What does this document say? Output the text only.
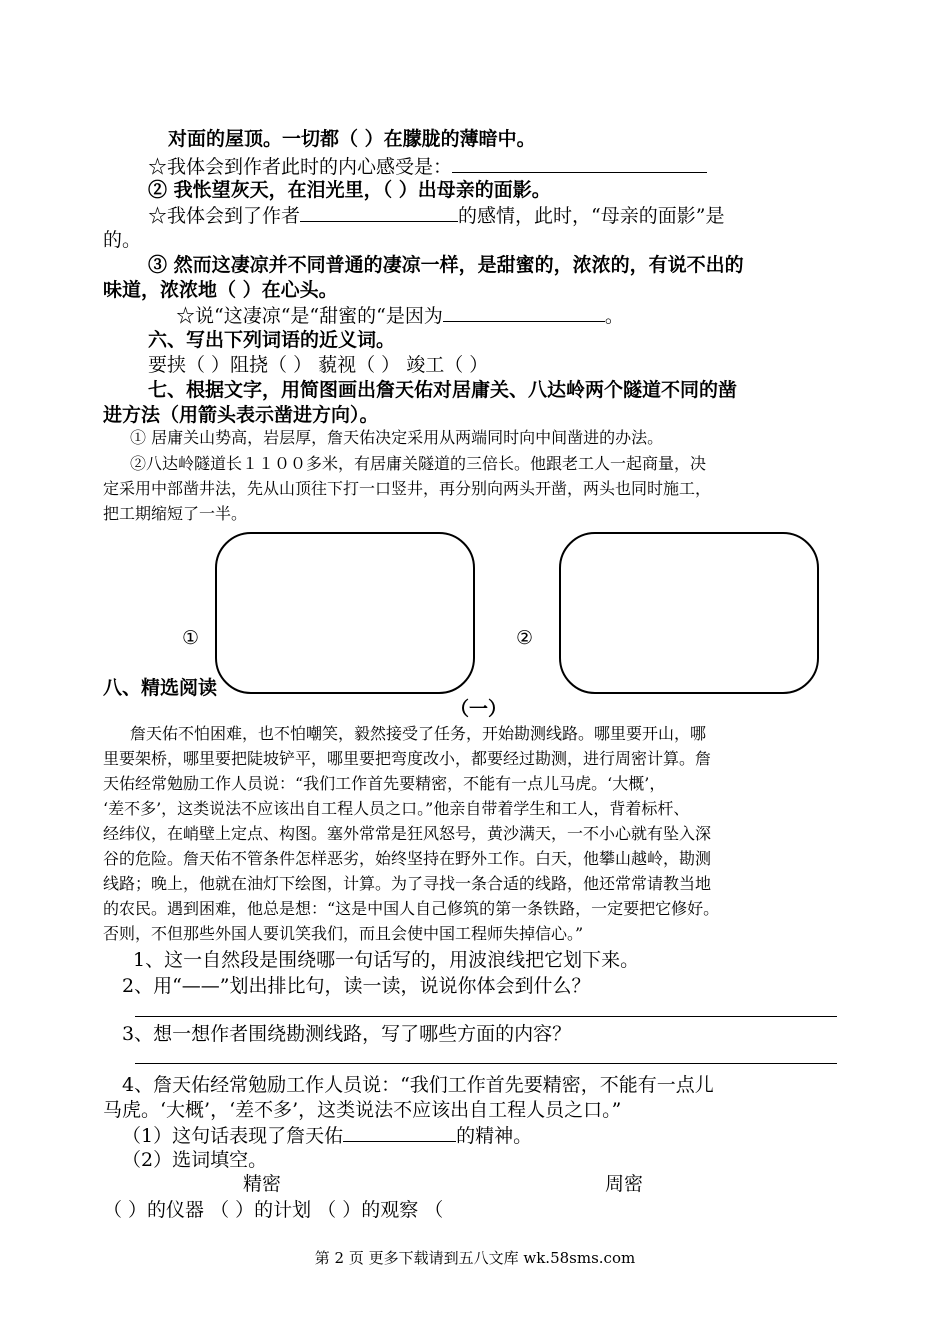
对面的屋顶。一切都（ ）在朦胧的薄暗中。
☆我体会到作者此时的内心感受是：
② 我怅望灰天，在泪光里，（ ）出母亲的面影。
☆我体会到了作者	的感情，此时，“母亲的面影”是
的。
③ 然而这凄凉并不同普通的凄凉一样，是甜蜜的，浓浓的，有说不出的
味道，浓浓地（ ）在心头。
☆说“这凄凉“是“甜蜜的“是因为	。
六、写出下列词语的近义词。
要挟（ ）阻挠（ ） 藐视（ ） 竣工（ ）
七、根据文字，用简图画出詹天佑对居庸关、八达岭两个隧道不同的凿
进方法（用箭头表示凿进方向）。
① 居庸关山势高，岩层厚，詹天佑决定采用从两端同时向中间凿进的办法。
②八达岭隧道长１１００多米，有居庸关隧道的三倍长。他跟老工人一起商量，决
定采用中部凿井法，先从山顶往下打一口竖井，再分别向两头开凿，两头也同时施工，
把工期缩短了一半。
八、精选阅读
①	②
（一）
詹天佑不怕困难，也不怕嘲笑，毅然接受了任务，开始勘测线路。哪里要开山，哪
里要架桥，哪里要把陡坡铲平，哪里要把弯度改小，都要经过勘测，进行周密计算。詹
天佑经常勉励工作人员说：“我们工作首先要精密，不能有一点儿马虎。‘大概’，
‘差不多’，这类说法不应该出自工程人员之口。”他亲自带着学生和工人，背着标杆、
经纬仪，在峭壁上定点、构图。塞外常常是狂风怒号，黄沙满天，一不小心就有坠入深
谷的危险。詹天佑不管条件怎样恶劣，始终坚持在野外工作。白天，他攀山越岭，勘测
线路；晚上，他就在油灯下绘图，计算。为了寻找一条合适的线路，他还常常请教当地
的农民。遇到困难，他总是想：“这是中国人自己修筑的第一条铁路，一定要把它修好。
否则，不但那些外国人要讥笑我们，而且会使中国工程师失掉信心。”
1、这一自然段是围绕哪一句话写的，用波浪线把它划下来。
2、用“——”划出排比句，读一读，说说你体会到什么？
3、想一想作者围绕勘测线路，写了哪些方面的内容？
4、詹天佑经常勉励工作人员说：“我们工作首先要精密，不能有一点儿
马虎。‘大概’，‘差不多’，这类说法不应该出自工程人员之口。”
（1）这句话表现了詹天佑	的精神。
（2）选词填空。
精密	周密
（ ）的仪器 （ ）的计划 （ ）的观察 （
第 2 页 更多下载请到五八文库 wk.58sms.com
